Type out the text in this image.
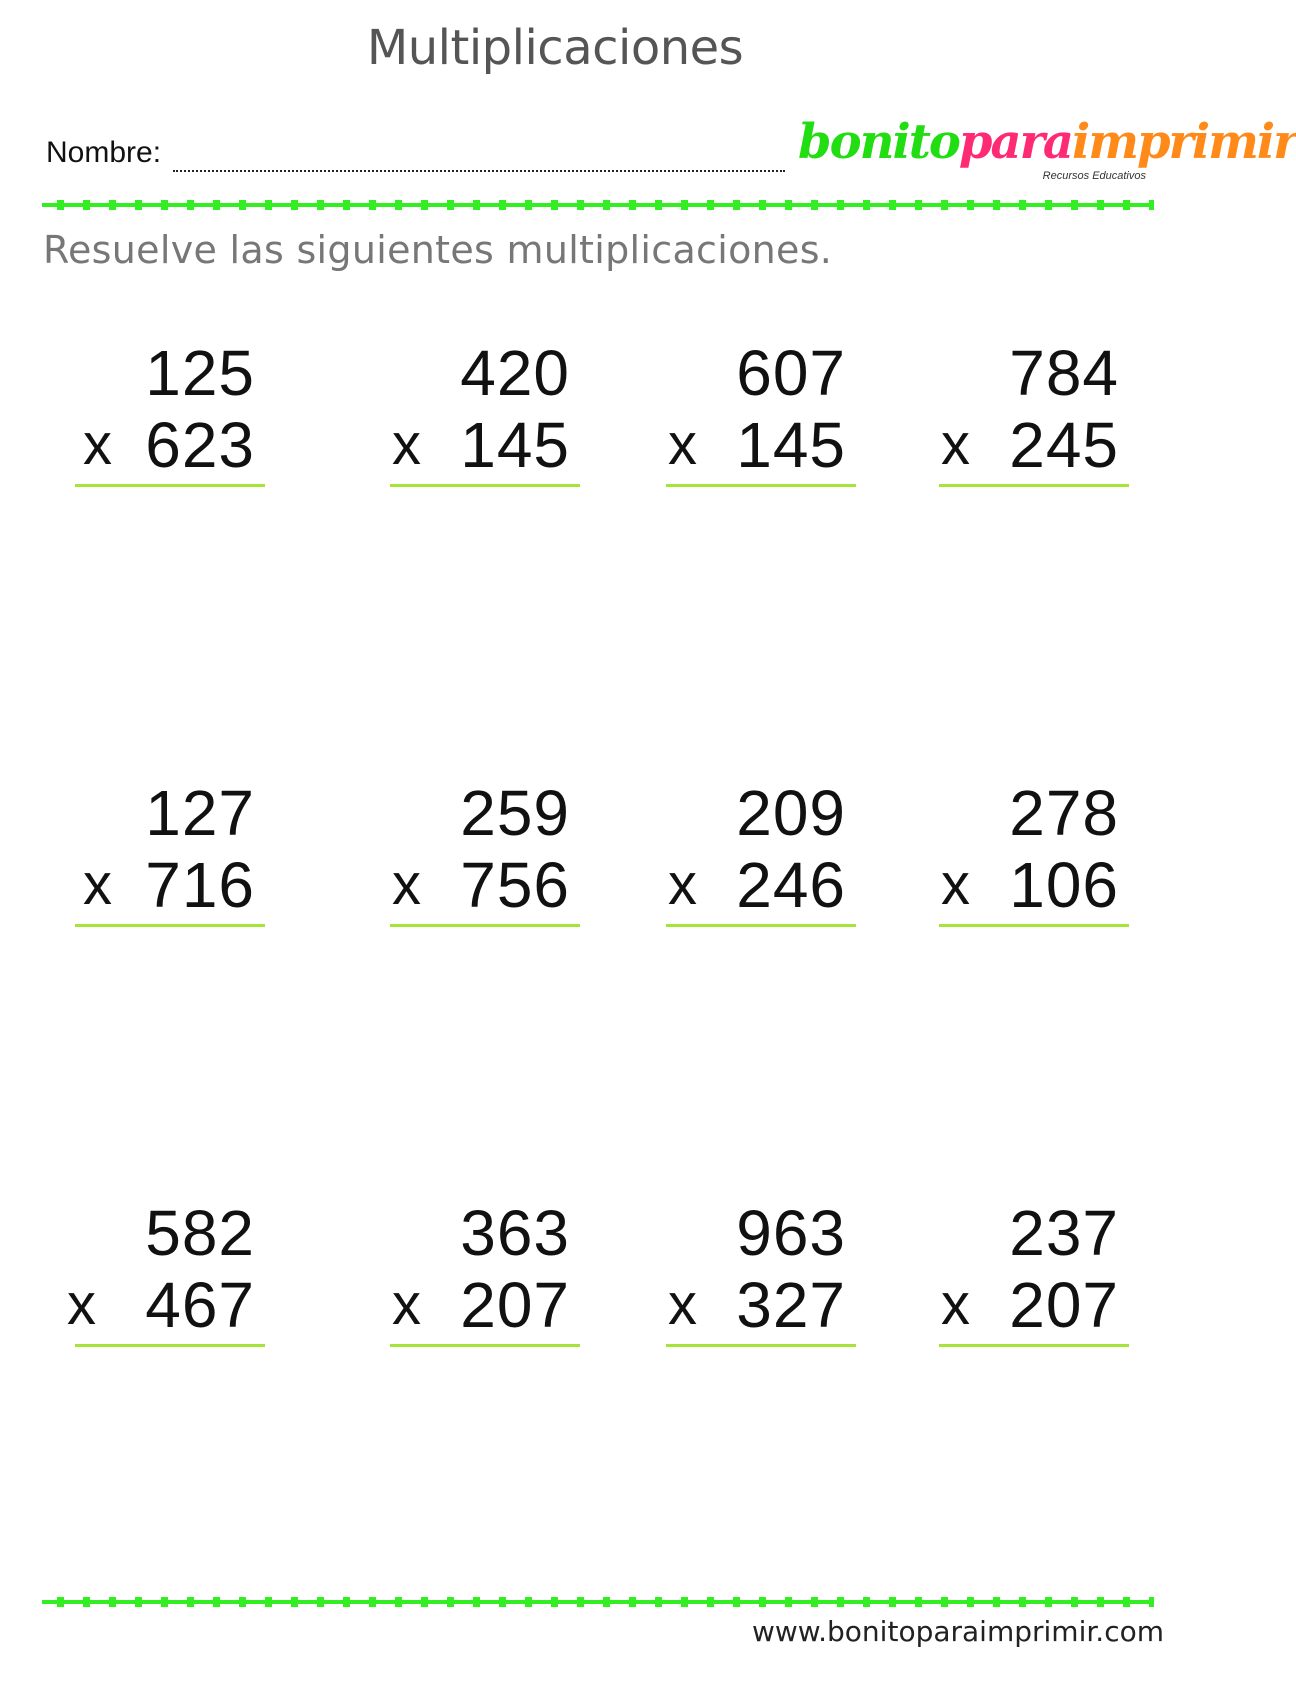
Multiplicaciones
Nombre:	bonitoparaimprimir
Recursos Educativos
Resuelve las siguientes multiplicaciones.
125
x 623
420
x 145
607
x 145
784
x 245
127
x 716
259
x 756
209
x 246
278
x 106
582
x 467
363
x 207
963
x 327
237
x 207
www.bonitoparaimprimir.com
